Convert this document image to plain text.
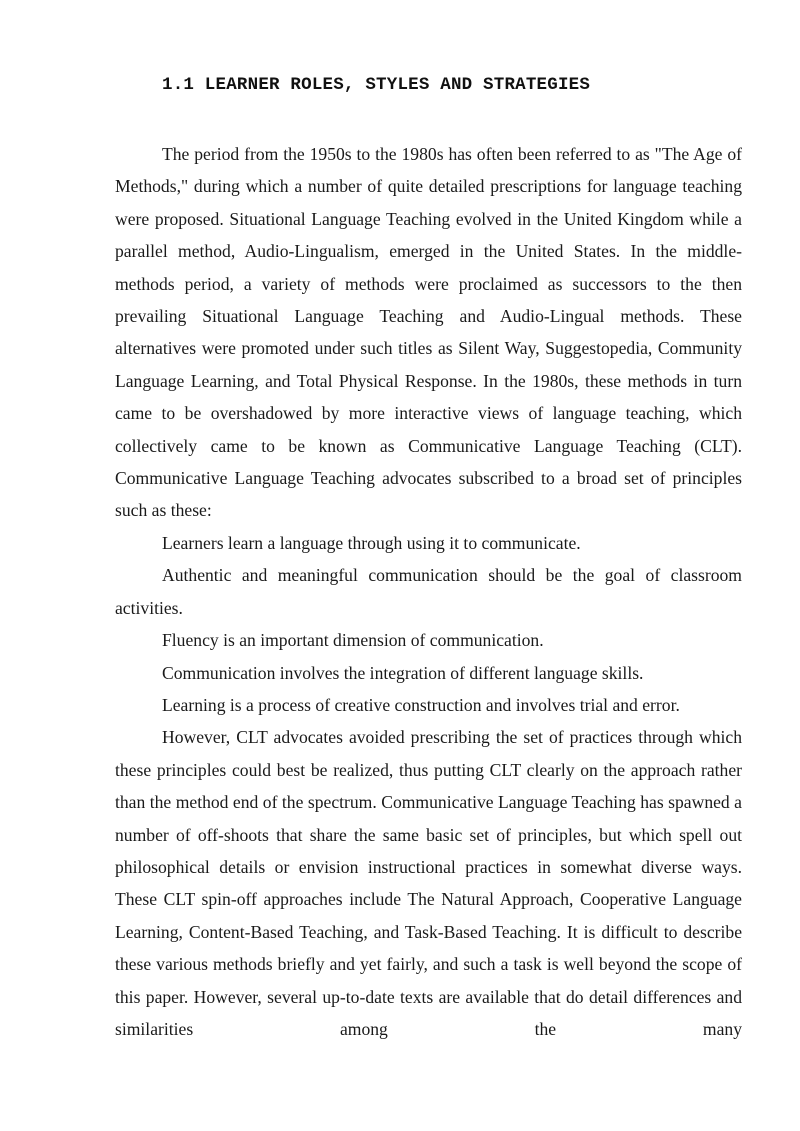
1.1 LEARNER ROLES, STYLES AND STRATEGIES

The period from the 1950s to the 1980s has often been referred to as "The Age of Methods," during which a number of quite detailed prescriptions for language teaching were proposed. Situational Language Teaching evolved in the United Kingdom while a parallel method, Audio-Lingualism, emerged in the United States. In the middle-methods period, a variety of methods were proclaimed as successors to the then prevailing Situational Language Teaching and Audio-Lingual methods. These alternatives were promoted under such titles as Silent Way, Suggestopedia, Community Language Learning, and Total Physical Response. In the 1980s, these methods in turn came to be overshadowed by more interactive views of language teaching, which collectively came to be known as Communicative Language Teaching (CLT). Communicative Language Teaching advocates subscribed to a broad set of principles such as these:

Learners learn a language through using it to communicate.

Authentic and meaningful communication should be the goal of classroom activities.

Fluency is an important dimension of communication.

Communication involves the integration of different language skills.

Learning is a process of creative construction and involves trial and error.

However, CLT advocates avoided prescribing the set of practices through which these principles could best be realized, thus putting CLT clearly on the approach rather than the method end of the spectrum. Communicative Language Teaching has spawned a number of off-shoots that share the same basic set of principles, but which spell out philosophical details or envision instructional practices in somewhat diverse ways. These CLT spin-off approaches include The Natural Approach, Cooperative Language Learning, Content-Based Teaching, and Task-Based Teaching. It is difficult to describe these various methods briefly and yet fairly, and such a task is well beyond the scope of this paper. However, several up-to-date texts are available that do detail differences and similarities among the many
